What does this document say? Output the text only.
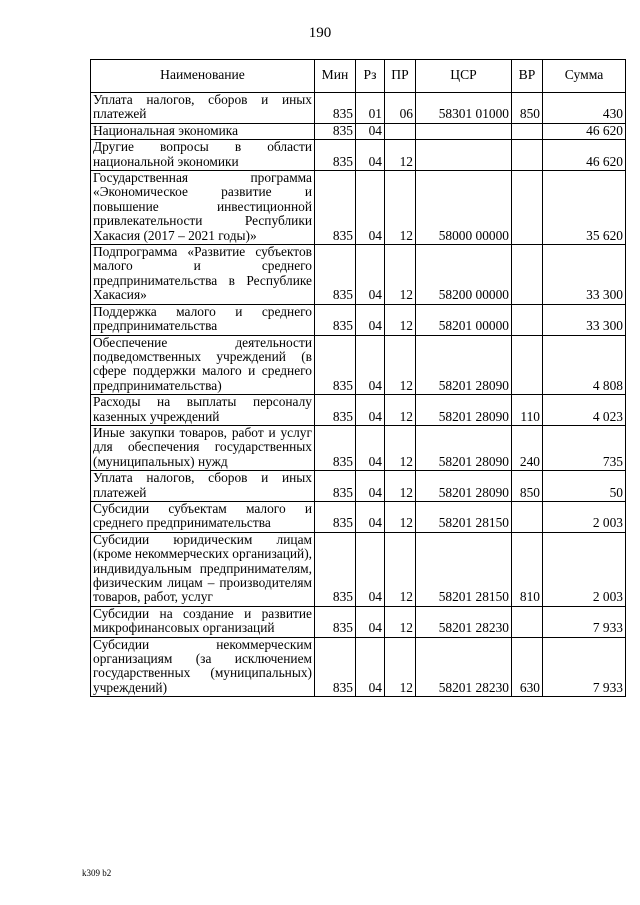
190
Наименование	Мин	Рз	ПР	ЦСР	ВР	Сумма
Уплата налогов, сборов и иных платежей	835	01	06	58301 01000	850	430
Национальная экономика	835	04				46 620
Другие вопросы в области национальной экономики	835	04	12			46 620
Государственная программа «Экономическое развитие и повышение инвестиционной привлекательности Республики Хакасия (2017 – 2021 годы)»	835	04	12	58000 00000		35 620
Подпрограмма «Развитие субъектов малого и среднего предпринимательства в Республике Хакасия»	835	04	12	58200 00000		33 300
Поддержка малого и среднего предпринимательства	835	04	12	58201 00000		33 300
Обеспечение деятельности подведомственных учреждений (в сфере поддержки малого и среднего предпринимательства)	835	04	12	58201 28090		4 808
Расходы на выплаты персоналу казенных учреждений	835	04	12	58201 28090	110	4 023
Иные закупки товаров, работ и услуг для обеспечения государственных (муниципальных) нужд	835	04	12	58201 28090	240	735
Уплата налогов, сборов и иных платежей	835	04	12	58201 28090	850	50
Субсидии субъектам малого и среднего предпринимательства	835	04	12	58201 28150		2 003
Субсидии юридическим лицам (кроме некоммерческих организаций), индивидуальным предпринимателям, физическим лицам – производителям товаров, работ, услуг	835	04	12	58201 28150	810	2 003
Субсидии на создание и развитие микрофинансовых организаций	835	04	12	58201 28230		7 933
Субсидии некоммерческим организациям (за исключением государственных (муниципальных) учреждений)	835	04	12	58201 28230	630	7 933
k309 b2
